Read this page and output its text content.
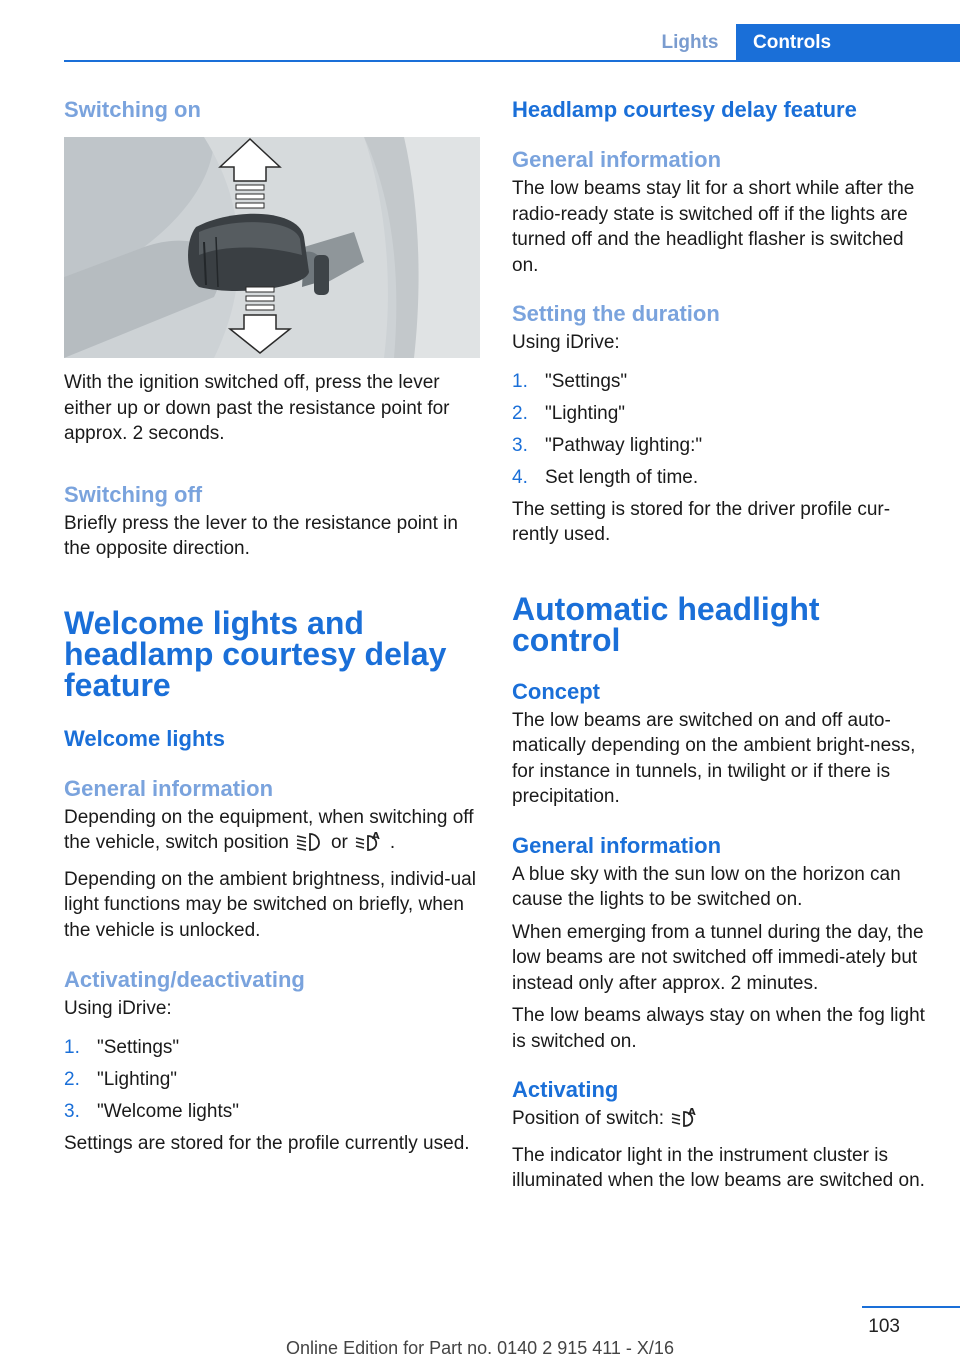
Lights	Controls
Switching on

With the ignition switched off, press the lever either up or down past the resistance point for approx. 2 seconds.

Switching off

Briefly press the lever to the resistance point in the opposite direction.

Welcome lights and headlamp courtesy delay feature
Welcome lights
General information

Depending on the equipment, when switching off the vehicle, switch position or A .

Depending on the ambient brightness, individ‐ual light functions may be switched on briefly, when the vehicle is unlocked.

Activating/deactivating

Using iDrive:

1. "Settings"
2. "Lighting"
3. "Welcome lights"

Settings are stored for the profile currently used.

Headlamp courtesy delay feature
General information

The low beams stay lit for a short while after the radio-ready state is switched off if the lights are turned off and the headlight flasher is switched on.

Setting the duration

Using iDrive:

1. "Settings"
2. "Lighting"
3. "Pathway lighting:"
4. Set length of time.

The setting is stored for the driver profile cur‐rently used.

Automatic headlight control
Concept

The low beams are switched on and off auto‐matically depending on the ambient bright‐ness, for instance in tunnels, in twilight or if there is precipitation.

General information

A blue sky with the sun low on the horizon can cause the lights to be switched on.

When emerging from a tunnel during the day, the low beams are not switched off immedi‐ately but instead only after approx. 2 minutes.

The low beams always stay on when the fog light is switched on.

Activating

Position of switch: A

The indicator light in the instrument cluster is illuminated when the low beams are switched on.

103
Online Edition for Part no. 0140 2 915 411 - X/16
